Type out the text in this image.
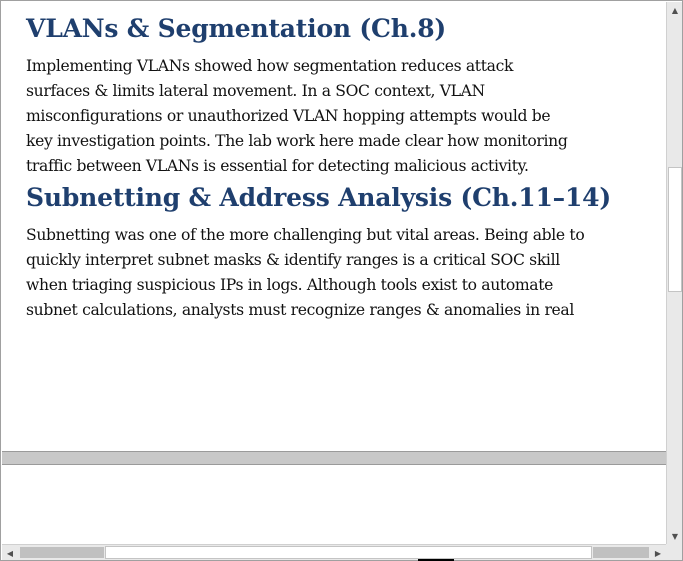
VLANs & Segmentation (Ch.8)

Implementing VLANs showed how segmentation reduces attack
surfaces & limits lateral movement. In a SOC context, VLAN
misconfigurations or unauthorized VLAN hopping attempts would be
key investigation points. The lab work here made clear how monitoring
traffic between VLANs is essential for detecting malicious activity.

Subnetting & Address Analysis (Ch.11–14)

Subnetting was one of the more challenging but vital areas. Being able to
quickly interpret subnet masks & identify ranges is a critical SOC skill
when triaging suspicious IPs in logs. Although tools exist to automate
subnet calculations, analysts must recognize ranges & anomalies in real

▲
▼
◀	▶
